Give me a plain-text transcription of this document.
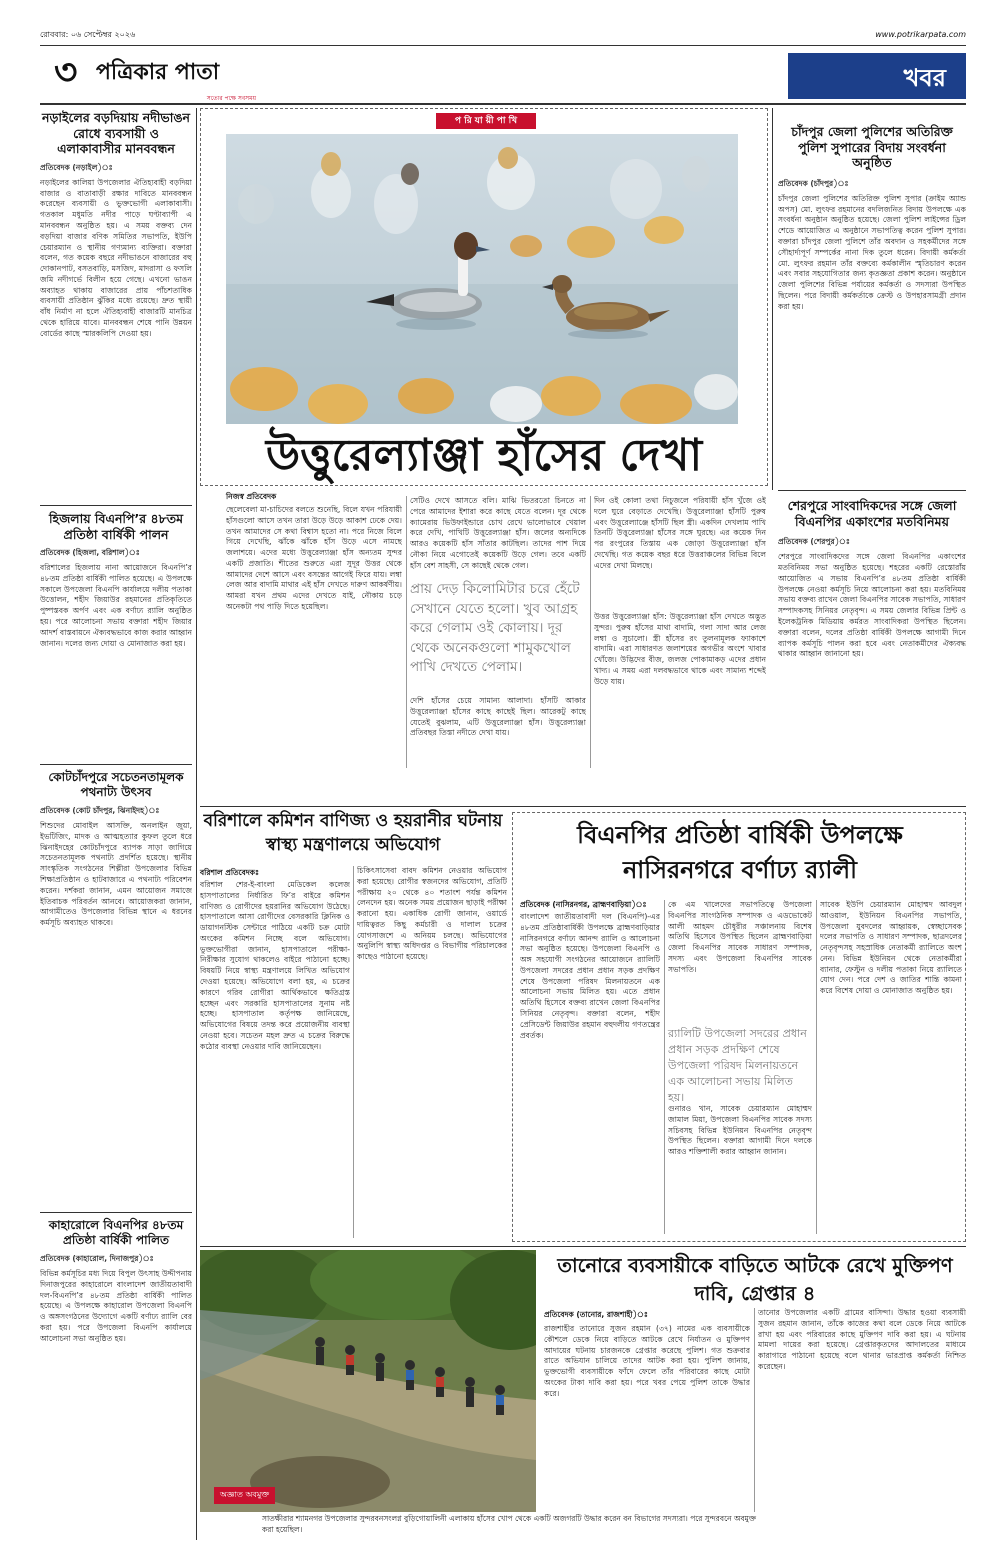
রোববার: ০৬ সেপ্টেম্বর ২০২৬	www.potrikarpata.com
৩ পত্রিকার পাতা
সত্যের পক্ষে সবসময়
খবর
নড়াইলের বড়দিয়ায় নদীভাঙন রোধে ব্যবসায়ী ও এলাকাবাসীর মানববন্ধন
প্রতিবেদক (নড়াইল)ঃ
নড়াইলের কালিয়া উপজেলার ঐতিহ্যবাহী বড়দিয়া বাজার ও বাতাবাড়ী রক্ষার দাবিতে মানববন্ধন করেছেন ব্যবসায়ী ও ভুক্তভোগী এলাকাবাসী। গতকাল মধুমতি নদীর পাড়ে ঘণ্টাব্যাপী এ মানববন্ধন অনুষ্ঠিত হয়। এ সময় বক্তব্য দেন বড়দিয়া বাজার বণিক সমিতির সভাপতি, ইউপি চেয়ারম্যান ও স্থানীয় গণ্যমান্য ব্যক্তিরা। বক্তারা বলেন, গত কয়েক বছরে নদীভাঙনে বাজারের বহু দোকানপাট, বসতবাড়ি, মসজিদ, মাদরাসা ও ফসলি জমি নদীগর্ভে বিলীন হয়ে গেছে। এখনো ভাঙন অব্যাহত থাকায় বাজারের প্রায় পাঁচশতাধিক ব্যবসায়ী প্রতিষ্ঠান ঝুঁকির মধ্যে রয়েছে। দ্রুত স্থায়ী বাঁধ নির্মাণ না হলে ঐতিহ্যবাহী বাজারটি মানচিত্র থেকে হারিয়ে যাবে। মানববন্ধন শেষে পানি উন্নয়ন বোর্ডের কাছে স্মারকলিপি দেওয়া হয়।
হিজলায় বিএনপি’র ৪৮তম প্রতিষ্ঠা বার্ষিকী পালন
প্রতিবেদক (হিজলা, বরিশাল)ঃ
বরিশালের হিজলায় নানা আয়োজনে বিএনপি’র ৪৮তম প্রতিষ্ঠা বার্ষিকী পালিত হয়েছে। এ উপলক্ষে সকালে উপজেলা বিএনপি কার্যালয়ে দলীয় পতাকা উত্তোলন, শহীদ জিয়াউর রহমানের প্রতিকৃতিতে পুষ্পস্তবক অর্পণ এবং এক বর্ণাঢ্য র‍্যালি অনুষ্ঠিত হয়। পরে আলোচনা সভায় বক্তারা শহীদ জিয়ার আদর্শ বাস্তবায়নে ঐক্যবদ্ধভাবে কাজ করার আহ্বান জানান। দলের জন্য দোয়া ও মোনাজাত করা হয়।
কোটচাঁদপুরে সচেতনতামূলক পথনাট্য উৎসব
প্রতিবেদক (কোট চাঁদপুর, ঝিনাইদহ)ঃ
শিশুদের মোবাইল আসক্তি, অনলাইন জুয়া, ইভটিজিং, মাদক ও আত্মহত্যার কুফল তুলে ধরে ঝিনাইদহের কোটচাঁদপুরে ব্যাপক সাড়া জাগিয়ে সচেতনতামূলক পথনাট্য প্রদর্শিত হয়েছে। স্থানীয় সাংস্কৃতিক সংগঠনের শিল্পীরা উপজেলার বিভিন্ন শিক্ষাপ্রতিষ্ঠান ও হাটবাজারে এ পথনাট্য পরিবেশন করেন। দর্শকরা জানান, এমন আয়োজন সমাজে ইতিবাচক পরিবর্তন আনবে। আয়োজকরা জানান, আগামীতেও উপজেলার বিভিন্ন স্থানে এ ধরনের কর্মসূচি অব্যাহত থাকবে।
কাহারোলে বিএনপির ৪৮তম প্রতিষ্ঠা বার্ষিকী পালিত
প্রতিবেদক (কাহারোল, দিনাজপুর)ঃ
বিভিন্ন কর্মসূচির মধ্য দিয়ে বিপুল উৎসাহ উদ্দীপনায় দিনাজপুরের কাহারোলে বাংলাদেশ জাতীয়তাবাদী দল-বিএনপি’র ৪৮তম প্রতিষ্ঠা বার্ষিকী পালিত হয়েছে। এ উপলক্ষে কাহারোল উপজেলা বিএনপি ও অঙ্গসংগঠনের উদ্যোগে একটি বর্ণাঢ্য র‍্যালি বের করা হয়। পরে উপজেলা বিএনপি কার্যালয়ে আলোচনা সভা অনুষ্ঠিত হয়।
প রি যা য়ী পা খি
উত্তুরেল্যাঞ্জা হাঁসের দেখা
নিজস্ব প্রতিবেদক
ছেলেবেলা মা-চাচিদের বলতে শুনেছি, বিলে যখন পরিযায়ী হাঁসগুলো আসে তখন তারা উড়ে উড়ে আকাশ ঢেকে দেয়। তখন আমাদের সে কথা বিশ্বাস হতো না। পরে নিজে বিলে গিয়ে দেখেছি, ঝাঁকে ঝাঁকে হাঁস উড়ে এসে নামছে জলাশয়ে। এদের মধ্যে উত্তুরেল্যাঞ্জা হাঁস অন্যতম সুন্দর একটি প্রজাতি। শীতের শুরুতে এরা সুদূর উত্তর থেকে আমাদের দেশে আসে এবং বসন্তের আগেই ফিরে যায়। লম্বা লেজ আর বাদামি মাথার এই হাঁস দেখতে দারুণ আকর্ষণীয়। আমরা যখন প্রথম এদের দেখতে যাই, নৌকায় চড়ে অনেকটা পথ পাড়ি দিতে হয়েছিল।
সেটিও দেখে আসতে বলি। মাঝি ভিতরতো চিনতে না পেরে আমাদের ইশারা করে কাছে যেতে বলেন। দূর থেকে ক্যামেরায় ভিউফাইন্ডারে চোখ রেখে ভালোভাবে খেয়াল করে দেখি, পাখিটি উত্তুরেল্যাঞ্জা হাঁস। জলের অন্যদিকে আরও কয়েকটি হাঁস সাঁতার কাটছিল। তাদের পাশ দিয়ে নৌকা নিয়ে এগোতেই কয়েকটি উড়ে গেল। তবে একটি হাঁস বেশ সাহসী, সে কাছেই থেকে গেল।
প্রায় দেড় কিলোমিটার চরে হেঁটে সেখানে যেতে হলো। খুব আগ্রহ করে গেলাম ওই কোলায়। দূর থেকে অনেকগুলো শামুকখোল পাখি দেখতে পেলাম।
দেশি হাঁসের চেয়ে সামান্য আলাদা। হাঁসটি আকার উত্তুরেল্যাঞ্জা হাঁসের কাছে কাছেই ছিল। আরেকটু কাছে যেতেই বুঝলাম, এটি উত্তুরেল্যাঞ্জা হাঁস। উত্তুরেল্যাঞ্জা প্রতিবছর তিস্তা নদীতে দেখা যায়।
দিন ওই কোলা তথা নিচুজলে পরিযায়ী হাঁস খুঁজে ওই দলে ঘুরে বেড়াতে দেখেছি। উত্তুরেল্যাঞ্জা হাঁসটি পুরুষ এবং উত্তুরেল্যাঞ্জে হাঁসটি ছিল স্ত্রী। একদিন দেখলাম পাখি তিনটি উত্তুরেল্যাঞ্জা হাঁসের সঙ্গে ঘুরছে। এর কয়েক দিন পর রংপুরের তিস্তায় এক জোড়া উত্তুরেল্যাঞ্জা হাঁস দেখেছি। গত কয়েক বছর ধরে উত্তরাঞ্চলের বিভিন্ন বিলে এদের দেখা মিলছে।
উত্তর উত্তুরেল্যাঞ্জা হাঁস: উত্তুরেল্যাঞ্জা হাঁস দেখতে অদ্ভুত সুন্দর। পুরুষ হাঁসের মাথা বাদামি, গলা সাদা আর লেজ লম্বা ও সুচালো। স্ত্রী হাঁসের রং তুলনামূলক ফ্যাকাশে বাদামি। এরা সাধারণত জলাশয়ের অগভীর অংশে খাবার খোঁজে। উদ্ভিদের বীজ, জলজ পোকামাকড় এদের প্রধান খাদ্য। এ সময় এরা দলবদ্ধভাবে থাকে এবং সামান্য শব্দেই উড়ে যায়।
চাঁদপুর জেলা পুলিশের অতিরিক্ত পুলিশ সুপারের বিদায় সংবর্ধনা অনুষ্ঠিত
প্রতিবেদক (চাঁদপুর)ঃ
চাঁদপুর জেলা পুলিশের অতিরিক্ত পুলিশ সুপার (ক্রাইম অ্যান্ড অপস) মো. লুৎফর রহমানের বদলিজনিত বিদায় উপলক্ষে এক সংবর্ধনা অনুষ্ঠান অনুষ্ঠিত হয়েছে। জেলা পুলিশ লাইন্সের ড্রিল শেডে আয়োজিত এ অনুষ্ঠানে সভাপতিত্ব করেন পুলিশ সুপার। বক্তারা চাঁদপুর জেলা পুলিশে তাঁর অবদান ও সহকর্মীদের সঙ্গে সৌহার্দ্যপূর্ণ সম্পর্কের নানা দিক তুলে ধরেন। বিদায়ী কর্মকর্তা মো. লুৎফর রহমান তাঁর বক্তব্যে কর্মকালীন স্মৃতিচারণ করেন এবং সবার সহযোগিতার জন্য কৃতজ্ঞতা প্রকাশ করেন। অনুষ্ঠানে জেলা পুলিশের বিভিন্ন পর্যায়ের কর্মকর্তা ও সদস্যরা উপস্থিত ছিলেন। পরে বিদায়ী কর্মকর্তাকে ক্রেস্ট ও উপহারসামগ্রী প্রদান করা হয়।
শেরপুরে সাংবাদিকদের সঙ্গে জেলা বিএনপির একাংশের মতবিনিময়
প্রতিবেদক (শেরপুর)ঃ
শেরপুরে সাংবাদিকদের সঙ্গে জেলা বিএনপির একাংশের মতবিনিময় সভা অনুষ্ঠিত হয়েছে। শহরের একটি রেস্তোরাঁয় আয়োজিত এ সভায় বিএনপি’র ৪৮তম প্রতিষ্ঠা বার্ষিকী উপলক্ষে নেওয়া কর্মসূচি নিয়ে আলোচনা করা হয়। মতবিনিময় সভায় বক্তব্য রাখেন জেলা বিএনপির সাবেক সভাপতি, সাধারণ সম্পাদকসহ সিনিয়র নেতৃবৃন্দ। এ সময় জেলার বিভিন্ন প্রিন্ট ও ইলেকট্রনিক মিডিয়ায় কর্মরত সাংবাদিকরা উপস্থিত ছিলেন। বক্তারা বলেন, দলের প্রতিষ্ঠা বার্ষিকী উপলক্ষে আগামী দিনে ব্যাপক কর্মসূচি পালন করা হবে এবং নেতাকর্মীদের ঐক্যবদ্ধ থাকার আহ্বান জানানো হয়।
বরিশালে কমিশন বাণিজ্য ও হয়রানীর ঘটনায় স্বাস্থ্য মন্ত্রণালয়ে অভিযোগ
বরিশাল প্রতিবেদকঃ
বরিশাল শের-ই-বাংলা মেডিকেল কলেজ হাসপাতালের নির্ধারিত ফি’র বাইরে কমিশন বাণিজ্য ও রোগীদের হয়রানির অভিযোগ উঠেছে। হাসপাতালে আসা রোগীদের বেসরকারি ক্লিনিক ও ডায়াগনস্টিক সেন্টারে পাঠিয়ে একটি চক্র মোটা অংকের কমিশন নিচ্ছে বলে অভিযোগ। ভুক্তভোগীরা জানান, হাসপাতালে পরীক্ষা-নিরীক্ষার সুযোগ থাকলেও বাইরে পাঠানো হচ্ছে। বিষয়টি নিয়ে স্বাস্থ্য মন্ত্রণালয়ে লিখিত অভিযোগ দেওয়া হয়েছে। অভিযোগে বলা হয়, এ চক্রের কারণে গরিব রোগীরা আর্থিকভাবে ক্ষতিগ্রস্ত হচ্ছেন এবং সরকারি হাসপাতালের সুনাম নষ্ট হচ্ছে। হাসপাতাল কর্তৃপক্ষ জানিয়েছে, অভিযোগের বিষয়ে তদন্ত করে প্রয়োজনীয় ব্যবস্থা নেওয়া হবে। সচেতন মহল দ্রুত এ চক্রের বিরুদ্ধে কঠোর ব্যবস্থা নেওয়ার দাবি জানিয়েছেন।
চিকিৎসাসেবা বাবদ কমিশন নেওয়ার অভিযোগ করা হয়েছে। রোগীর স্বজনদের অভিযোগ, প্রতিটি পরীক্ষায় ২০ থেকে ৪০ শতাংশ পর্যন্ত কমিশন লেনদেন হয়। অনেক সময় প্রয়োজন ছাড়াই পরীক্ষা করানো হয়। একাধিক রোগী জানান, ওয়ার্ডে দায়িত্বরত কিছু কর্মচারী ও দালাল চক্রের যোগসাজশে এ অনিয়ম চলছে। অভিযোগের অনুলিপি স্বাস্থ্য অধিদপ্তর ও বিভাগীয় পরিচালকের কাছেও পাঠানো হয়েছে।
বিএনপির প্রতিষ্ঠা বার্ষিকী উপলক্ষে নাসিরনগরে বর্ণাঢ্য র‍্যালী
প্রতিবেদক (নাসিরনগর, ব্রাহ্মণবাড়িয়া)ঃ
বাংলাদেশ জাতীয়তাবাদী দল (বিএনপি)-এর ৪৮তম প্রতিষ্ঠাবার্ষিকী উপলক্ষে ব্রাহ্মণবাড়িয়ার নাসিরনগরে বর্ণাঢ্য আনন্দ র‍্যালি ও আলোচনা সভা অনুষ্ঠিত হয়েছে। উপজেলা বিএনপি ও অঙ্গ সহযোগী সংগঠনের আয়োজনে র‍্যালিটি উপজেলা সদরের প্রধান প্রধান সড়ক প্রদক্ষিণ শেষে উপজেলা পরিষদ মিলনায়তনে এক আলোচনা সভায় মিলিত হয়। এতে প্রধান অতিথি হিসেবে বক্তব্য রাখেন জেলা বিএনপির সিনিয়র নেতৃবৃন্দ। বক্তারা বলেন, শহীদ প্রেসিডেন্ট জিয়াউর রহমান বহুদলীয় গণতন্ত্রের প্রবর্তক।
কে এম খালেদের সভাপতিত্বে উপজেলা বিএনপির সাংগঠনিক সম্পাদক ও এডভোকেট আলী আহমদ চৌধুরীর সঞ্চালনায় বিশেষ অতিথি হিসেবে উপস্থিত ছিলেন ব্রাহ্মণবাড়িয়া জেলা বিএনপির সাবেক সাধারণ সম্পাদক, সদস্য এবং উপজেলা বিএনপির সাবেক সভাপতি।
র‍্যালিটি উপজেলা সদরের প্রধান প্রধান সড়ক প্রদক্ষিণ শেষে উপজেলা পরিষদ মিলনায়তনে এক আলোচনা সভায় মিলিত হয়।
গুনারও খান, সাবেক চেয়ারম্যান মোহাম্মদ জামাল মিয়া, উপজেলা বিএনপির সাবেক সদস্য সচিবসহ বিভিন্ন ইউনিয়ন বিএনপির নেতৃবৃন্দ উপস্থিত ছিলেন। বক্তারা আগামী দিনে দলকে আরও শক্তিশালী করার আহ্বান জানান।
সাবেক ইউপি চেয়ারম্যান মোহাম্মদ আবদুল আওয়াল, ইউনিয়ন বিএনপির সভাপতি, উপজেলা যুবদলের আহ্বায়ক, স্বেচ্ছাসেবক দলের সভাপতি ও সাধারণ সম্পাদক, ছাত্রদলের নেতৃবৃন্দসহ সহস্রাধিক নেতাকর্মী র‍্যালিতে অংশ নেন। বিভিন্ন ইউনিয়ন থেকে নেতাকর্মীরা ব্যানার, ফেস্টুন ও দলীয় পতাকা নিয়ে র‍্যালিতে যোগ দেন। পরে দেশ ও জাতির শান্তি কামনা করে বিশেষ দোয়া ও মোনাজাত অনুষ্ঠিত হয়।
অজ্ঞাত অবমুক্ত
সাতক্ষীরার শ্যামনগর উপজেলার সুন্দরবনসংলগ্ন বুড়িগোয়ালিনী এলাকায় হাঁসের খোপ থেকে একটি অজগরটি উদ্ধার করেন বন বিভাগের সদস্যরা। পরে সুন্দরবনে অবমুক্ত করা হয়েছিল।
তানোরে ব্যবসায়ীকে বাড়িতে আটকে রেখে মুক্তিপণ দাবি, গ্রেপ্তার ৪
প্রতিবেদক (তানোর, রাজশাহী)ঃ
রাজশাহীর তানোরে সুজন রহমান (৩৭) নামের এক ব্যবসায়ীকে কৌশলে ডেকে নিয়ে বাড়িতে আটকে রেখে নির্যাতন ও মুক্তিপণ আদায়ের ঘটনায় চারজনকে গ্রেপ্তার করেছে পুলিশ। গত শুক্রবার রাতে অভিযান চালিয়ে তাদের আটক করা হয়। পুলিশ জানায়, ভুক্তভোগী ব্যবসায়ীকে ফাঁদে ফেলে তাঁর পরিবারের কাছে মোটা অংকের টাকা দাবি করা হয়। পরে খবর পেয়ে পুলিশ তাকে উদ্ধার করে।
তানোর উপজেলার একটি গ্রামের বাসিন্দা। উদ্ধার হওয়া ব্যবসায়ী সুজন রহমান জানান, তাঁকে কাজের কথা বলে ডেকে নিয়ে আটকে রাখা হয় এবং পরিবারের কাছে মুক্তিপণ দাবি করা হয়। এ ঘটনায় মামলা দায়ের করা হয়েছে। গ্রেপ্তারকৃতদের আদালতের মাধ্যমে কারাগারে পাঠানো হয়েছে বলে থানার ভারপ্রাপ্ত কর্মকর্তা নিশ্চিত করেছেন।
